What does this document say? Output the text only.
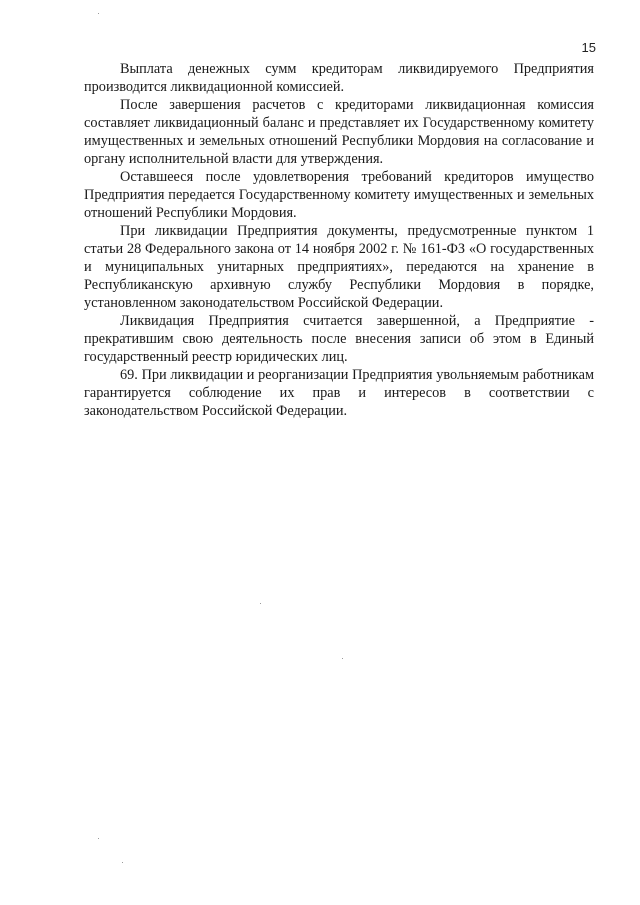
15

Выплата денежных сумм кредиторам ликвидируемого Предприятия производится ликвидационной комиссией.

После завершения расчетов с кредиторами ликвидационная комиссия составляет ликвидационный баланс и представляет их Государственному комитету имущественных и земельных отношений Республики Мордовия на согласование и органу исполнительной власти для утверждения.

Оставшееся после удовлетворения требований кредиторов имущество Предприятия передается Государственному комитету имущественных и земельных отношений Республики Мордовия.

При ликвидации Предприятия документы, предусмотренные пунктом 1 статьи 28 Федерального закона от 14 ноября 2002 г. № 161-ФЗ «О государственных и муниципальных унитарных предприятиях», передаются на хранение в Республиканскую архивную службу Республики Мордовия в порядке, установленном законодательством Российской Федерации.

Ликвидация Предприятия считается завершенной, а Предприятие - прекратившим свою деятельность после внесения записи об этом в Единый государственный реестр юридических лиц.

69. При ликвидации и реорганизации Предприятия увольняемым работникам гарантируется соблюдение их прав и интересов в соответствии с законодательством Российской Федерации.
